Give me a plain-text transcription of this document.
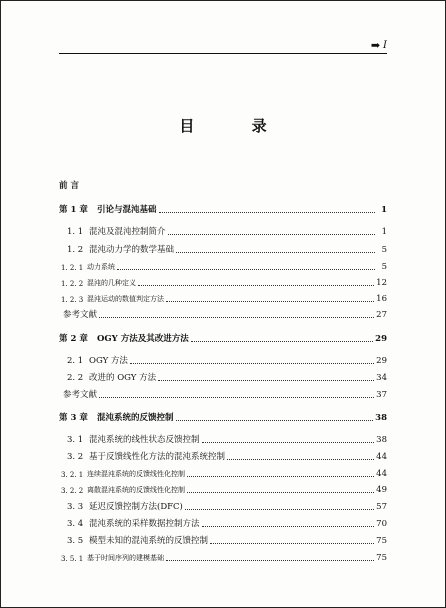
➡ I
目 录
前 言
第 1 章	引论与混沌基础	1
1. 1 混沌及混沌控制简介	1
1. 2 混沌动力学的数学基础	5
1. 2. 1 动力系统	5
1. 2. 2 混沌的几种定义	12
1. 2. 3 混沌运动的数值判定方法	16
参考文献	27
第 2 章	OGY 方法及其改进方法	29
2. 1 OGY 方法	29
2. 2 改进的 OGY 方法	34
参考文献	37
第 3 章	混沌系统的反馈控制	38
3. 1 混沌系统的线性状态反馈控制	38
3. 2 基于反馈线性化方法的混沌系统控制	44
3. 2. 1 连续混沌系统的反馈线性化控制	44
3. 2. 2 离散混沌系统的反馈线性化控制	49
3. 3 延迟反馈控制方法(DFC)	57
3. 4 混沌系统的采样数据控制方法	70
3. 5 模型未知的混沌系统的反馈控制	75
3. 5. 1 基于时间序列的建模基础	75
